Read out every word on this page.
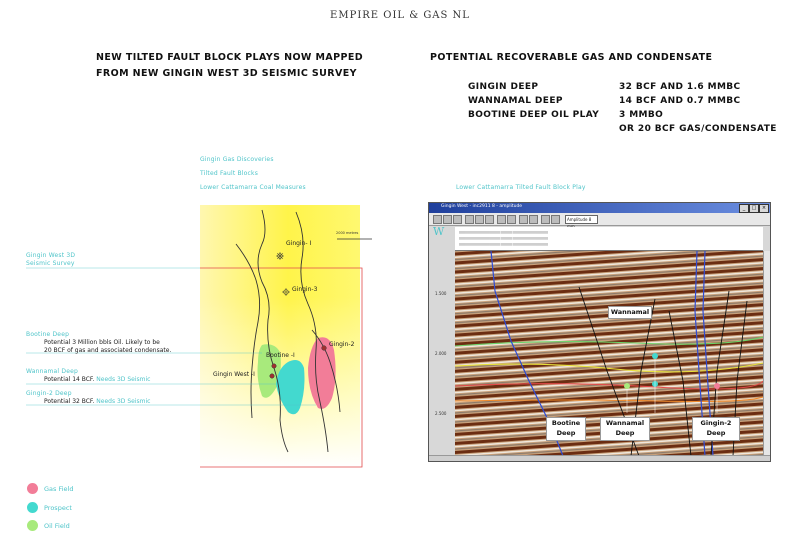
EMPIRE OIL & GAS NL
NEW TILTED FAULT BLOCK PLAYS NOW MAPPED
FROM NEW GINGIN WEST 3D SEISMIC SURVEY
POTENTIAL RECOVERABLE GAS AND CONDENSATE
GINGIN DEEP	32 BCF AND 1.6 MMBC
WANNAMAL DEEP	14 BCF AND 0.7 MMBC
BOOTINE DEEP OIL PLAY 3 MMBO
OR 20 BCF GAS/CONDENSATE
Gingin Gas Discoveries
Tilted Fault Blocks
Lower Cattamarra Coal Measures
2000 metres
Gingin- I
Gingin-3
Gingin-2
Bootine -I
Gingin West -I
Gingin West 3D
Seismic Survey
Bootine Deep
Potential 3 Million bbls Oil. Likely to be
20 BCF of gas and associated condensate.
Wannamal Deep
Potential 14 BCF. Needs 3D Seismic
Gingin-2 Deep
Potential 32 BCF. Needs 3D Seismic
Lower Cattamarra Tilted Fault Block Play
Gingin West - inc2911 8 - amplitude	_	□	×
Amplitude 8
W	||||||||||||||||||||||||||||||||||||||||||||||||||||||||||||||||||||||||||||||||||||||||
||||||||||||||||||||||||||||||||||||||||||||||||||||||||||||||||||||||||||||||||||||||||
||||||||||||||||||||||||||||||||||||||||||||||||||||||||||||||||||||||||||||||||||||||||
1.500
2.000
2.500
Wannamal
Bootine
Deep
Wannamal
Deep
Gingin-2
Deep
Gas Field
Prospect
Oil Field
